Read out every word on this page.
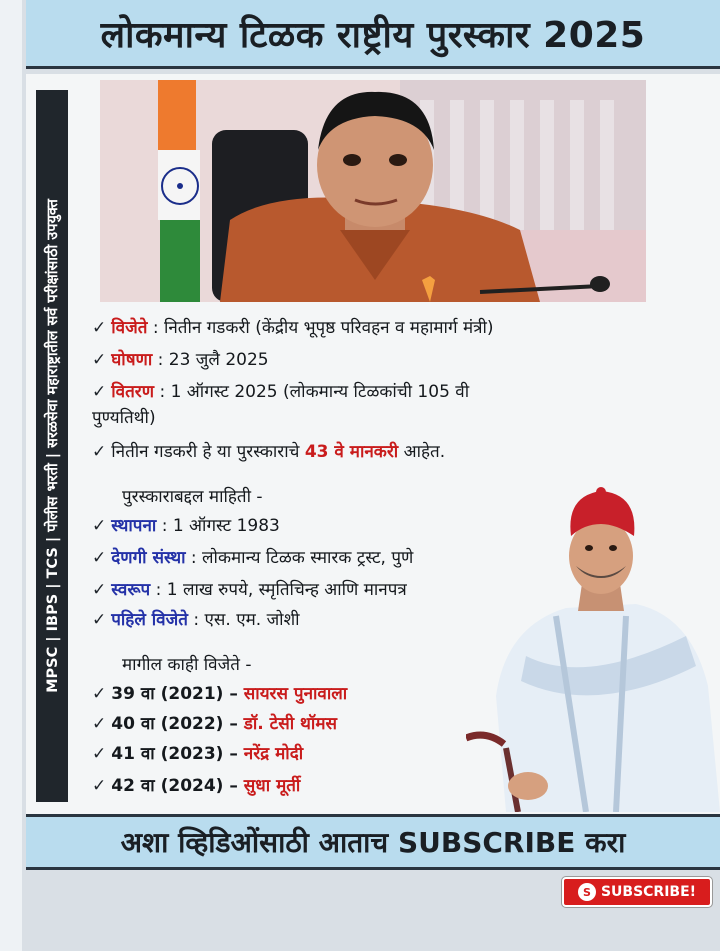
लोकमान्य टिळक राष्ट्रीय पुरस्कार 2025
MPSC | IBPS | TCS | पोलीस भरती | सरळसेवा महाराष्ट्रातील सर्व परीक्षांसाठी उपयुक्त ✓ विजेते : नितीन गडकरी (केंद्रीय भूपृष्ठ परिवहन व महामार्ग मंत्री)
✓ घोषणा : 23 जुलै 2025
✓ वितरण : 1 ऑगस्ट 2025 (लोकमान्य टिळकांची 105 वी
पुण्यतिथी)
✓ नितीन गडकरी हे या पुरस्काराचे 43 वे मानकरी आहेत.
पुरस्काराबद्दल माहिती -
✓ स्थापना : 1 ऑगस्ट 1983
✓ देणगी संस्था : लोकमान्य टिळक स्मारक ट्रस्ट, पुणे
✓ स्वरूप : 1 लाख रुपये, स्मृतिचिन्ह आणि मानपत्र
✓ पहिले विजेते : एस. एम. जोशी
मागील काही विजेते -
✓ 39 वा (2021) – सायरस पुनावाला
✓ 40 वा (2022) – डॉ. टेसी थॉमस
✓ 41 वा (2023) – नरेंद्र मोदी
✓ 42 वा (2024) – सुधा मूर्ती
अशा व्हिडिओंसाठी आताच SUBSCRIBE करा
S SUBSCRIBE!
